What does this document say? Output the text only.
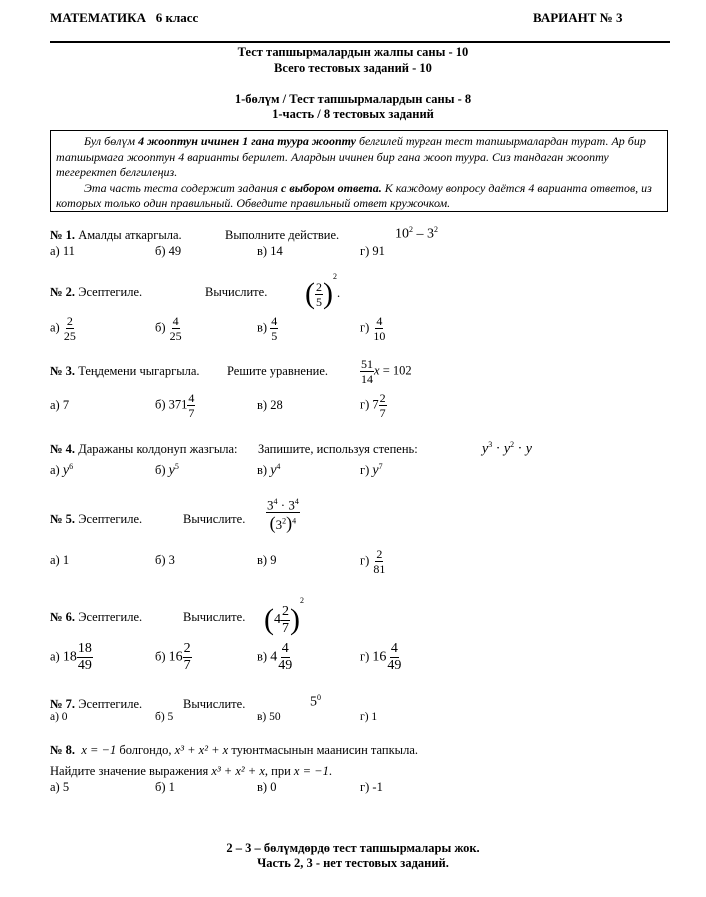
МАТЕМАТИКА 6 класс	ВАРИАНТ № 3
Тест тапшырмалардын жалпы саны - 10
Всего тестовых заданий - 10
1-бөлүм / Тест тапшырмалардын саны - 8
1-часть / 8 тестовых заданий

Бул бөлүм 4 жооптун ичинен 1 гана туура жоопту белгилей турган тест тапшырмалардан турат. Ар бир тапшырмага жооптун 4 варианты берилет. Алардын ичинен бир гана жооп туура. Сиз тандаган жоопту тегеректеп белгилеңиз.

Эта часть теста содержит задания с выбором ответа. К каждому вопросу даётся 4 варианта ответов, из которых только один правильный. Обведите правильный ответ кружочком.

№ 1. Амалды аткаргыла.	Выполните действие.	$10^2 - 3^2$
а) 11	б) 49	в) 14	г) 91
№ 2. Эсептегиле.	Вычислите. ( $\frac{2}{5} )^2$.
$а) \frac{2}{25}$	$б) \frac{4}{25}$	$в) \frac{4}{5}$	$г) \frac{4}{10}$
№ 3. Теңдемени чыгаргыла. Решите уравнение.	$\frac{51}{14}$ x = 102
а) 7	б) $371 \frac{4}{7}$	в) 28	г) $7 \frac{2}{7}$
№ 4. Даражаны колдонуп жазгыла: Запишите, используя степень:	$y^3 \cdot y^2 \cdot y$
а) $y^6$	б) $y^5$	в) $y^4$	г) $y^7$
№ 5. Эсептегиле.	Вычислите. $\frac{3^4 \cdot 3^4}{(3^2)^4}$
а) 1	б) 3	в) 9	$г) \frac{2}{81}$
№ 6. Эсептегиле.	Вычислите. $(4 \frac{2}{7} )^2$
а) $18 \frac{18}{49}$	б) $16 \frac{2}{7}$	в) $4 \frac{4}{49}$	г) $16 \frac{4}{49}$
№ 7. Эсептегиле.	Вычислите.	$5^0$
а) 0	б) 5	в) 50	г) 1
№ 8. x = −1 болгондо, x³ + x² + x туюнтмасынын маанисин тапкыла.
Найдите значение выражения x³ + x² + x, при x = −1.
а) 5	б) 1	в) 0	г) -1
2 – 3 – бөлүмдөрдө тест тапшырмалары жок.
Часть 2, 3 - нет тестовых заданий.
